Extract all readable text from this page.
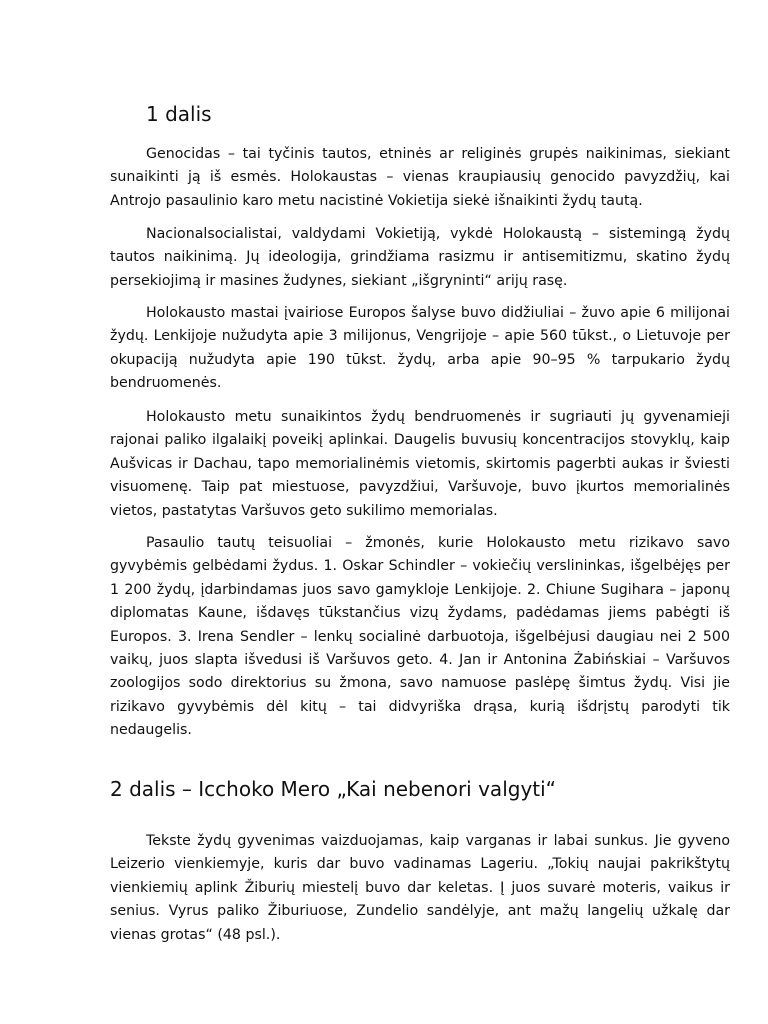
1 dalis

Genocidas – tai tyčinis tautos, etninės ar religinės grupės naikinimas, siekiant sunaikinti ją iš esmės. Holokaustas – vienas kraupiausių genocido pavyzdžių, kai Antrojo pasaulinio karo metu nacistinė Vokietija siekė išnaikinti žydų tautą.

Nacionalsocialistai, valdydami Vokietiją, vykdė Holokaustą – sistemingą žydų tautos naikinimą. Jų ideologija, grindžiama rasizmu ir antisemitizmu, skatino žydų persekiojimą ir masines žudynes, siekiant „išgryninti“ arijų rasę.

Holokausto mastai įvairiose Europos šalyse buvo didžiuliai – žuvo apie 6 milijonai žydų. Lenkijoje nužudyta apie 3 milijonus, Vengrijoje – apie 560 tūkst., o Lietuvoje per okupaciją nužudyta apie 190 tūkst. žydų, arba apie 90–95 % tarpukario žydų bendruomenės.

Holokausto metu sunaikintos žydų bendruomenės ir sugriauti jų gyvenamieji rajonai paliko ilgalaikį poveikį aplinkai. Daugelis buvusių koncentracijos stovyklų, kaip Aušvicas ir Dachau, tapo memorialinėmis vietomis, skirtomis pagerbti aukas ir šviesti visuomenę. Taip pat miestuose, pavyzdžiui, Varšuvoje, buvo įkurtos memorialinės vietos, pastatytas Varšuvos geto sukilimo memorialas.

Pasaulio tautų teisuoliai – žmonės, kurie Holokausto metu rizikavo savo gyvybėmis gelbėdami žydus. 1. Oskar Schindler – vokiečių verslininkas, išgelbėjęs per 1 200 žydų, įdarbindamas juos savo gamykloje Lenkijoje. 2. Chiune Sugihara – japonų diplomatas Kaune, išdavęs tūkstančius vizų žydams, padėdamas jiems pabėgti iš Europos. 3. Irena Sendler – lenkų socialinė darbuotoja, išgelbėjusi daugiau nei 2 500 vaikų, juos slapta išvedusi iš Varšuvos geto. 4. Jan ir Antonina Żabińskiai – Varšuvos zoologijos sodo direktorius su žmona, savo namuose paslėpę šimtus žydų. Visi jie rizikavo gyvybėmis dėl kitų – tai didvyriška drąsa, kurią išdrįstų parodyti tik nedaugelis.

2 dalis – Icchoko Mero „Kai nebenori valgyti“

Tekste žydų gyvenimas vaizduojamas, kaip varganas ir labai sunkus. Jie gyveno Leizerio vienkiemyje, kuris dar buvo vadinamas Lageriu. „Tokių naujai pakrikštytų vienkiemių aplink Žiburių miestelį buvo dar keletas. Į juos suvarė moteris, vaikus ir senius. Vyrus paliko Žiburiuose, Zundelio sandėlyje, ant mažų langelių užkalę dar vienas grotas“ (48 psl.).
